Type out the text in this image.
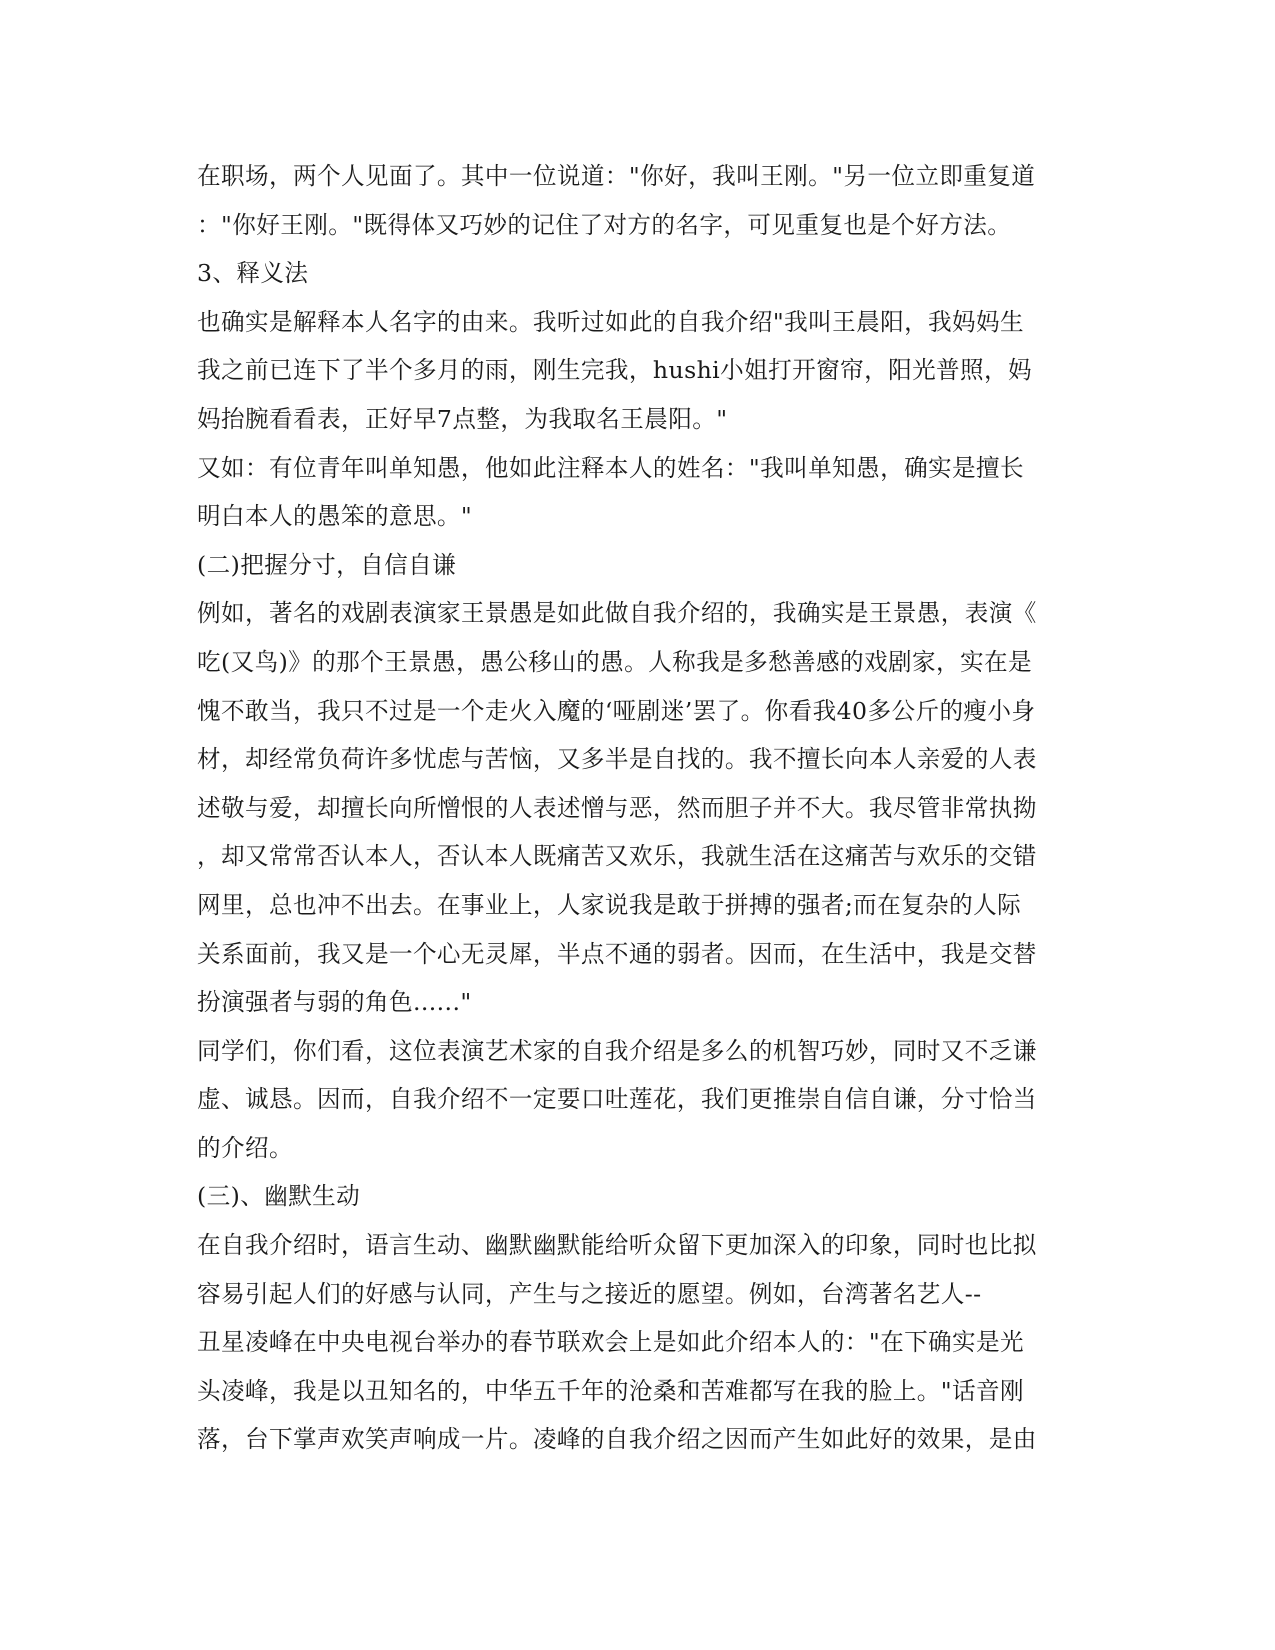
在职场，两个人见面了。其中一位说道："你好，我叫王刚。"另一位立即重复道
："你好王刚。"既得体又巧妙的记住了对方的名字，可见重复也是个好方法。
3、释义法
也确实是解释本人名字的由来。我听过如此的自我介绍"我叫王晨阳，我妈妈生
我之前已连下了半个多月的雨，刚生完我，hushi小姐打开窗帘，阳光普照，妈
妈抬腕看看表，正好早7点整，为我取名王晨阳。"
又如：有位青年叫单知愚，他如此注释本人的姓名："我叫单知愚，确实是擅长
明白本人的愚笨的意思。"
(二)把握分寸，自信自谦
例如，著名的戏剧表演家王景愚是如此做自我介绍的，我确实是王景愚，表演《
吃(又鸟)》的那个王景愚，愚公移山的愚。人称我是多愁善感的戏剧家，实在是
愧不敢当，我只不过是一个走火入魔的‘哑剧迷’罢了。你看我40多公斤的瘦小身
材，却经常负荷许多忧虑与苦恼，又多半是自找的。我不擅长向本人亲爱的人表
述敬与爱，却擅长向所憎恨的人表述憎与恶，然而胆子并不大。我尽管非常执拗
，却又常常否认本人，否认本人既痛苦又欢乐，我就生活在这痛苦与欢乐的交错
网里，总也冲不出去。在事业上，人家说我是敢于拼搏的强者;而在复杂的人际
关系面前，我又是一个心无灵犀，半点不通的弱者。因而，在生活中，我是交替
扮演强者与弱的角色......"
同学们，你们看，这位表演艺术家的自我介绍是多么的机智巧妙，同时又不乏谦
虚、诚恳。因而，自我介绍不一定要口吐莲花，我们更推崇自信自谦，分寸恰当
的介绍。
(三)、幽默生动
在自我介绍时，语言生动、幽默幽默能给听众留下更加深入的印象，同时也比拟
容易引起人们的好感与认同，产生与之接近的愿望。例如，台湾著名艺人--
丑星凌峰在中央电视台举办的春节联欢会上是如此介绍本人的："在下确实是光
头凌峰，我是以丑知名的，中华五千年的沧桑和苦难都写在我的脸上。"话音刚
落，台下掌声欢笑声响成一片。凌峰的自我介绍之因而产生如此好的效果，是由
